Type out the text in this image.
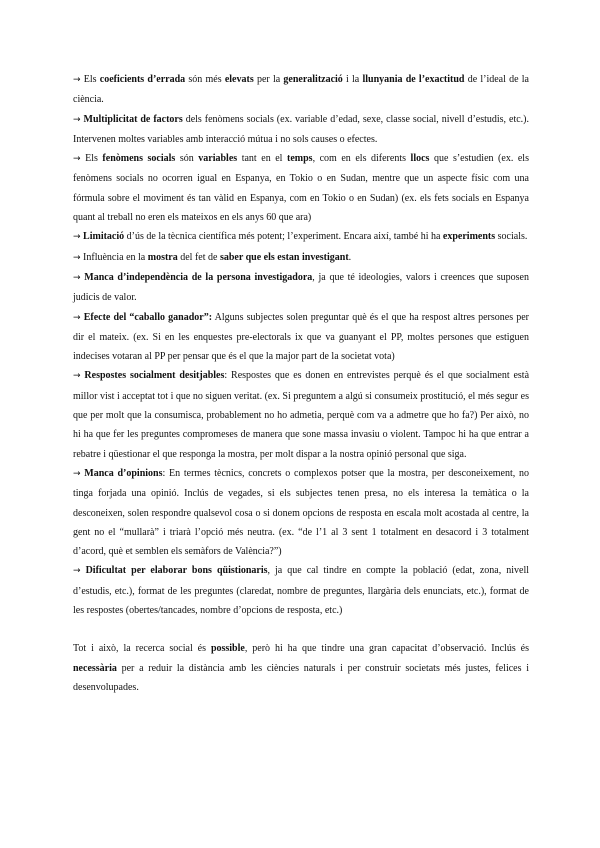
→ Els coeficients d’errada són més elevats per la generalització i la llunyania de l’exactitud de l’ideal de la ciència.

→ Multiplicitat de factors dels fenòmens socials (ex. variable d’edad, sexe, classe social, nivell d’estudis, etc.). Intervenen moltes variables amb interacció mútua i no sols causes o efectes.

→ Els fenòmens socials són variables tant en el temps, com en els diferents llocs que s’estudien (ex. els fenòmens socials no ocorren igual en Espanya, en Tokio o en Sudan, mentre que un aspecte físic com una fórmula sobre el moviment és tan vàlid en Espanya, com en Tokio o en Sudan) (ex. els fets socials en Espanya quant al treball no eren els mateixos en els anys 60 que ara)

→ Limitació d’ús de la tècnica científica més potent; l’experiment. Encara així, també hi ha experiments socials.

→ Influència en la mostra del fet de saber que els estan investigant.

→ Manca d’independència de la persona investigadora, ja que té ideologies, valors i creences que suposen judicis de valor.

→ Efecte del “caballo ganador”: Alguns subjectes solen preguntar què és el que ha respost altres persones per dir el mateix. (ex. Si en les enquestes pre-electorals ix que va guanyant el PP, moltes persones que estiguen indecises votaran al PP per pensar que és el que la major part de la societat vota)

→ Respostes socialment desitjables: Respostes que es donen en entrevistes perquè és el que socialment està millor vist i acceptat tot i que no siguen veritat. (ex. Si preguntem a algú si consumeix prostitució, el més segur es que per molt que la consumisca, probablement no ho admetia, perquè com va a admetre que ho fa?) Per això, no hi ha que fer les preguntes compromeses de manera que sone massa invasiu o violent. Tampoc hi ha que entrar a rebatre i qüestionar el que responga la mostra, per molt dispar a la nostra opinió personal que siga.

→ Manca d’opinions: En termes tècnics, concrets o complexos potser que la mostra, per desconeixement, no tinga forjada una opinió. Inclús de vegades, si els subjectes tenen presa, no els interesa la temàtica o la desconeixen, solen respondre qualsevol cosa o si donem opcions de resposta en escala molt acostada al centre, la gent no el “mullarà” i triarà l’opció més neutra. (ex. “de l’1 al 3 sent 1 totalment en desacord i 3 totalment d’acord, què et semblen els semàfors de València?”)

→ Dificultat per elaborar bons qüistionaris, ja que cal tindre en compte la població (edat, zona, nivell d’estudis, etc.), format de les preguntes (claredat, nombre de preguntes, llargària dels enunciats, etc.), format de les respostes (obertes/tancades, nombre d’opcions de resposta, etc.)

Tot i això, la recerca social és possible, però hi ha que tindre una gran capacitat d’observació. Inclús és necessària per a reduir la distància amb les ciències naturals i per construir societats més justes, felices i desenvolupades.
